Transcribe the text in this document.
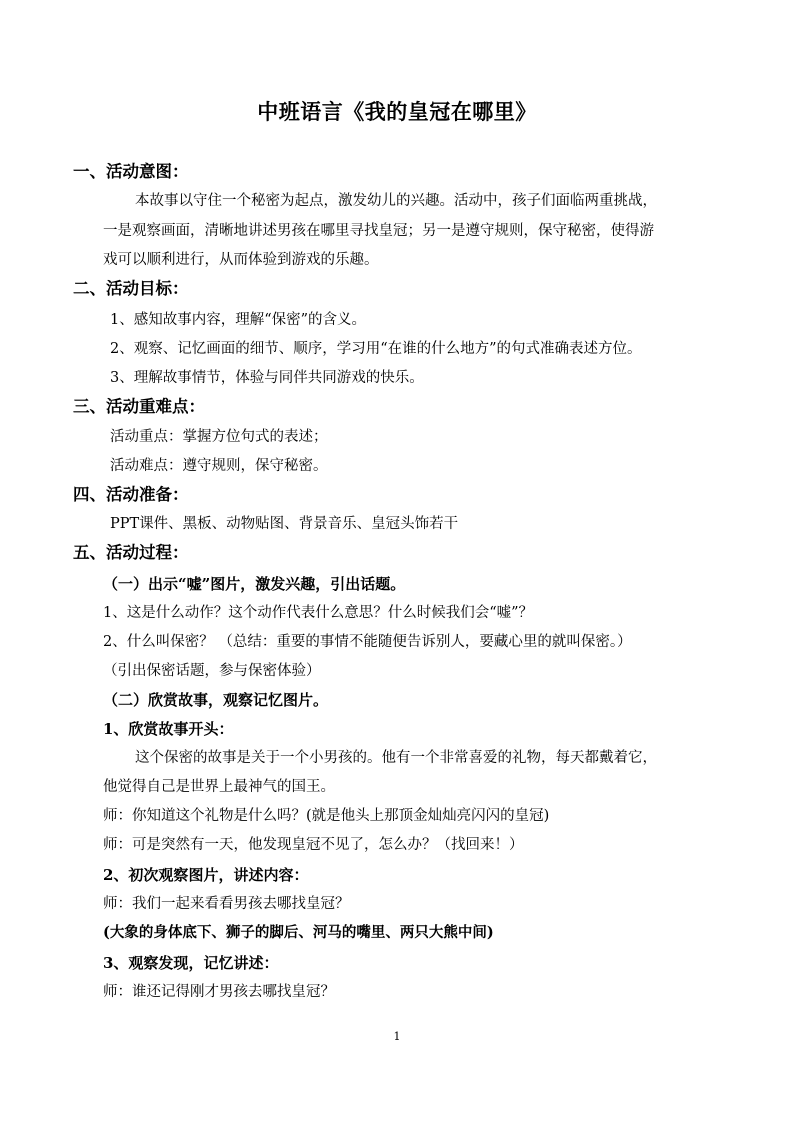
中班语言《我的皇冠在哪里》
一、活动意图：
本故事以守住一个秘密为起点，激发幼儿的兴趣。活动中，孩子们面临两重挑战，
一是观察画面，清晰地讲述男孩在哪里寻找皇冠；另一是遵守规则，保守秘密，使得游
戏可以顺利进行，从而体验到游戏的乐趣。
二、活动目标：
1、感知故事内容，理解“保密”的含义。
2、观察、记忆画面的细节、顺序，学习用“在谁的什么地方”的句式准确表述方位。
3、理解故事情节，体验与同伴共同游戏的快乐。
三、活动重难点：
活动重点：掌握方位句式的表述；
活动难点：遵守规则，保守秘密。
四、活动准备：
PPT课件、黑板、动物贴图、背景音乐、皇冠头饰若干
五、活动过程：
（一）出示“嘘”图片，激发兴趣，引出话题。
1、这是什么动作？这个动作代表什么意思？什么时候我们会“嘘”？
2、什么叫保密？ （总结：重要的事情不能随便告诉别人，要藏心里的就叫保密。）
（引出保密话题，参与保密体验）
（二）欣赏故事，观察记忆图片。
1、欣赏故事开头：
这个保密的故事是关于一个小男孩的。他有一个非常喜爱的礼物，每天都戴着它，
他觉得自己是世界上最神气的国王。
师：你知道这个礼物是什么吗？(就是他头上那顶金灿灿亮闪闪的皇冠)
师：可是突然有一天，他发现皇冠不见了，怎么办？（找回来！）
2、初次观察图片，讲述内容：
师：我们一起来看看男孩去哪找皇冠？
(大象的身体底下、狮子的脚后、河马的嘴里、两只大熊中间)
3、观察发现，记忆讲述：
师：谁还记得刚才男孩去哪找皇冠？
1
